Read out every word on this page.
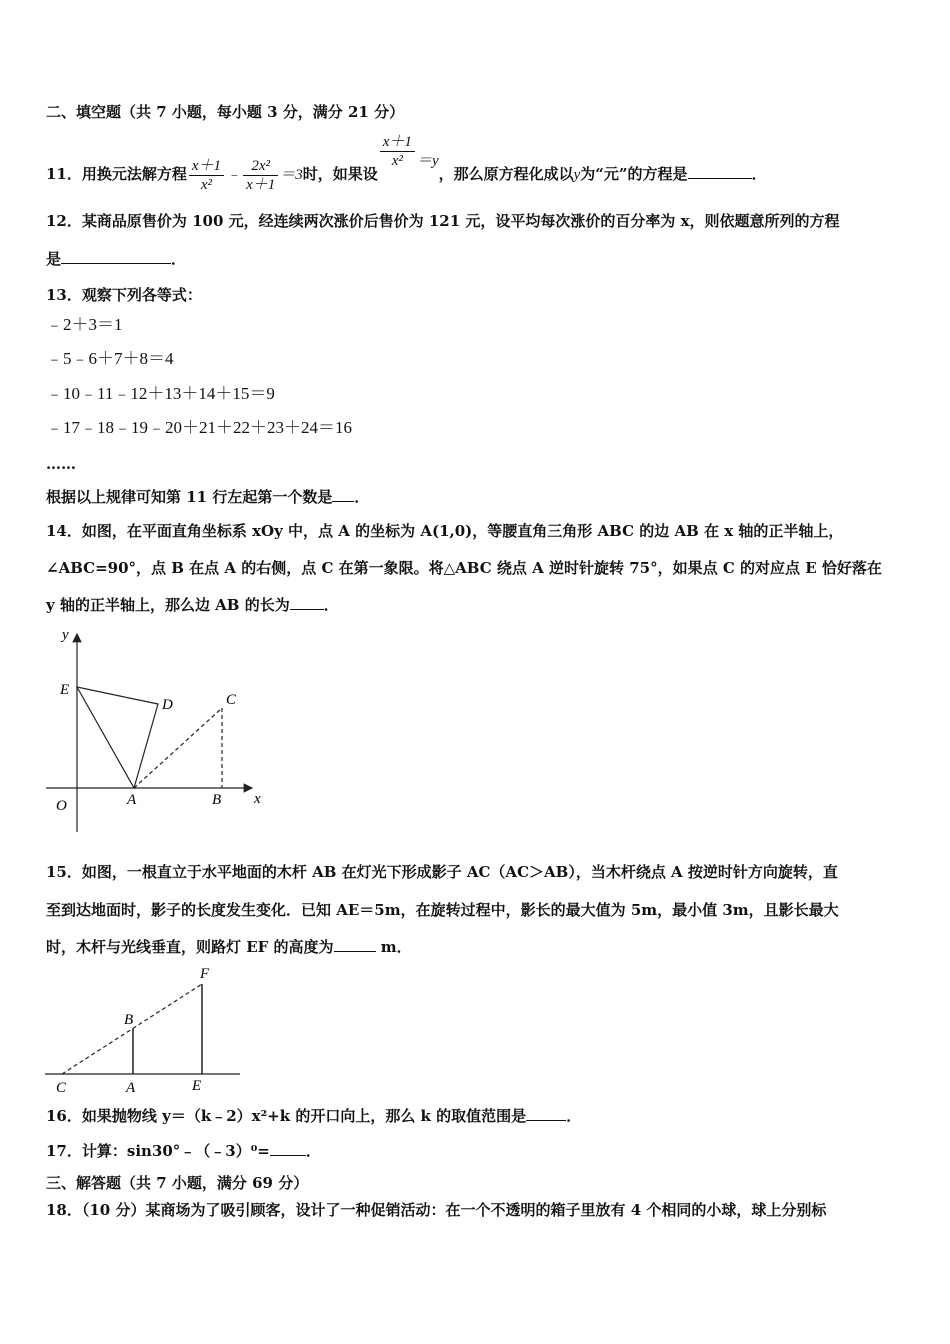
二、填空题（共 7 小题，每小题 3 分，满分 21 分）
11．用换元法解方程 $\frac{x+1}{\text{x²}}$ ﹣ $\frac{\text{2x²}}{x+1} =3$时，如果设
$\frac{x+1}{\text{x²}} =y$，那么原方程化成以y为“元”的方程是	．
12．某商品原售价为 100 元，经连续两次涨价后售价为 121 元，设平均每次涨价的百分率为 x，则依题意所列的方程
是	．
13．观察下列各等式：
﹣2＋3＝1
﹣5﹣6＋7＋8＝4
﹣10﹣11﹣12＋13＋14＋15＝9
﹣17﹣18﹣19﹣20＋21＋22＋23＋24＝16
……
根据以上规律可知第 11 行左起第一个数是 ．
14．如图，在平面直角坐标系 xOy 中，点 A 的坐标为 A(1,0)，等腰直角三角形 ABC 的边 AB 在 x 轴的正半轴上，
∠ABC=90°，点 B 在点 A 的右侧，点 C 在第一象限。将△ABC 绕点 A 逆时针旋转 75°，如果点 C 的对应点 E 恰好落在
y 轴的正半轴上，那么边 AB 的长为 ．
y
x
O	A	B
C
D
E
15．如图，一根直立于水平地面的木杆 AB 在灯光下形成影子 AC（AC＞AB），当木杆绕点 A 按逆时针方向旋转，直
至到达地面时，影子的长度发生变化．已知 AE＝5m，在旋转过程中，影长的最大值为 5m，最小值 3m，且影长最大
时，木杆与光线垂直，则路灯 EF 的高度为	m．
F
B
C	A	E
16．如果抛物线 y＝（k﹣2）x²+k 的开口向上，那么 k 的取值范围是	．
17．计算：sin30°﹣（﹣3）⁰= ．
三、解答题（共 7 小题，满分 69 分）
18．（10 分）某商场为了吸引顾客，设计了一种促销活动：在一个不透明的箱子里放有 4 个相同的小球，球上分别标
